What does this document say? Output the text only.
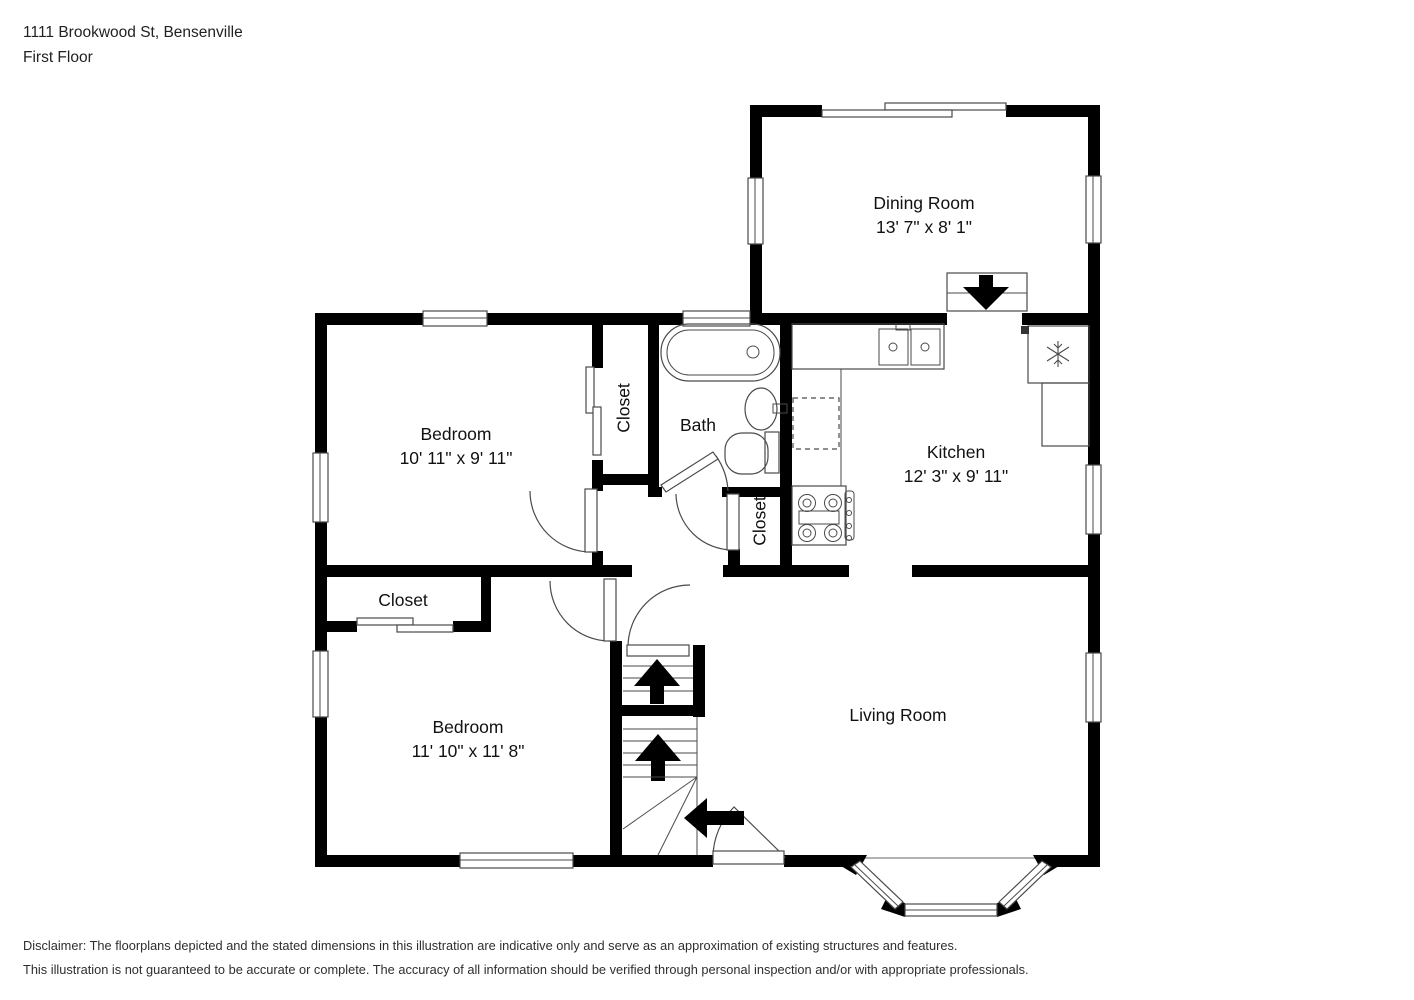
1111 Brookwood St, Bensenville
First Floor
Dining Room
13' 7" x 8' 1"
Bedroom
10' 11" x 9' 11"
Bath
Kitchen
12' 3" x 9' 11"
Living Room
Bedroom
11' 10" x 11' 8"
Closet
Closet
Closet
Disclaimer: The floorplans depicted and the stated dimensions in this illustration are indicative only and serve as an approximation of existing structures and features.
This illustration is not guaranteed to be accurate or complete. The accuracy of all information should be verified through personal inspection and/or with appropriate professionals.
